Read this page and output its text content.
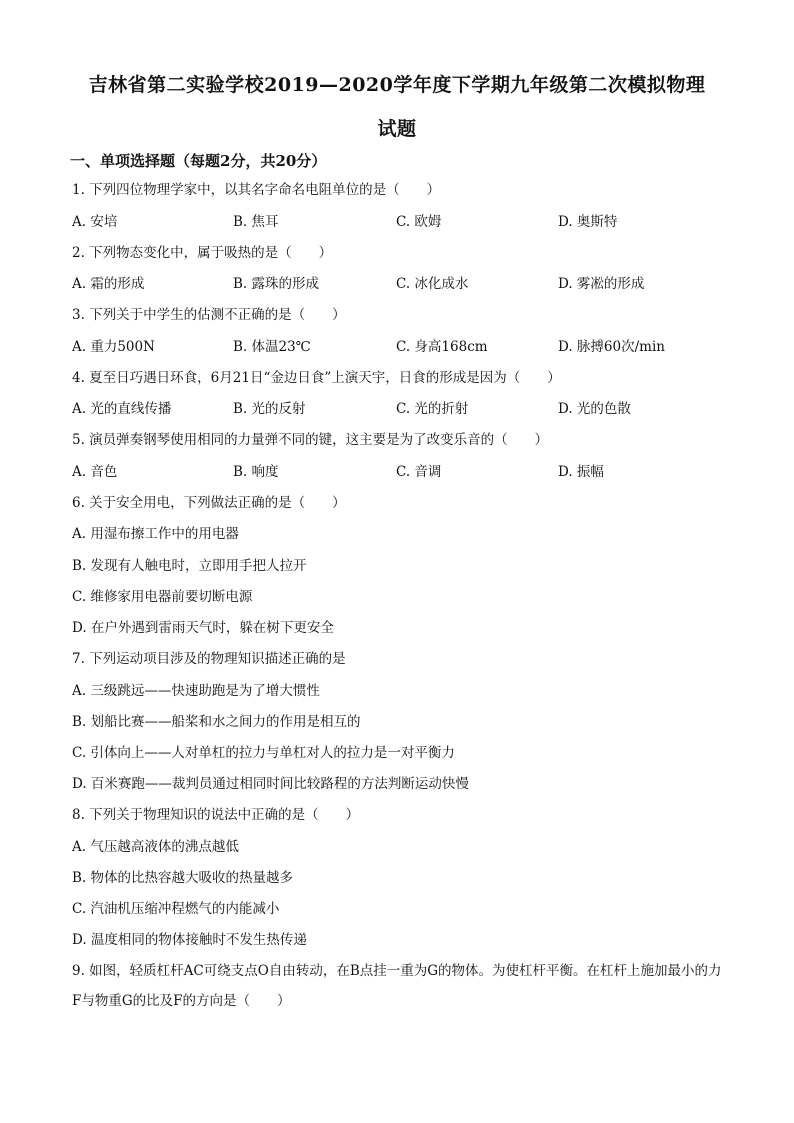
吉林省第二实验学校2019—2020学年度下学期九年级第二次模拟物理
试题
一、单项选择题（每题2分，共20分）
1. 下列四位物理学家中，以其名字命名电阻单位的是（　　）
A. 安培	B. 焦耳	C. 欧姆	D. 奥斯特
2. 下列物态变化中，属于吸热的是（　　）
A. 霜的形成	B. 露珠的形成	C. 冰化成水	D. 雾凇的形成
3. 下列关于中学生的估测不正确的是（　　）
A. 重力500N	B. 体温23℃	C. 身高168cm	D. 脉搏60次/min
4. 夏至日巧遇日环食，6月21日“金边日食”上演天宇，日食的形成是因为（　　）
A. 光的直线传播	B. 光的反射	C. 光的折射	D. 光的色散
5. 演员弹奏钢琴使用相同的力量弹不同的键，这主要是为了改变乐音的（　　）
A. 音色	B. 响度	C. 音调	D. 振幅
6. 关于安全用电，下列做法正确的是（　　）
A. 用湿布擦工作中的用电器
B. 发现有人触电时，立即用手把人拉开
C. 维修家用电器前要切断电源
D. 在户外遇到雷雨天气时，躲在树下更安全
7. 下列运动项目涉及的物理知识描述正确的是
A. 三级跳远——快速助跑是为了增大惯性
B. 划船比赛——船桨和水之间力的作用是相互的
C. 引体向上——人对单杠的拉力与单杠对人的拉力是一对平衡力
D. 百米赛跑——裁判员通过相同时间比较路程的方法判断运动快慢
8. 下列关于物理知识的说法中正确的是（　　）
A. 气压越高液体的沸点越低
B. 物体的比热容越大吸收的热量越多
C. 汽油机压缩冲程燃气的内能减小
D. 温度相同的物体接触时不发生热传递
9. 如图，轻质杠杆AC可绕支点O自由转动，在B点挂一重为G的物体。为使杠杆平衡。在杠杆上施加最小的力F与物重G的比及F的方向是（　　）
